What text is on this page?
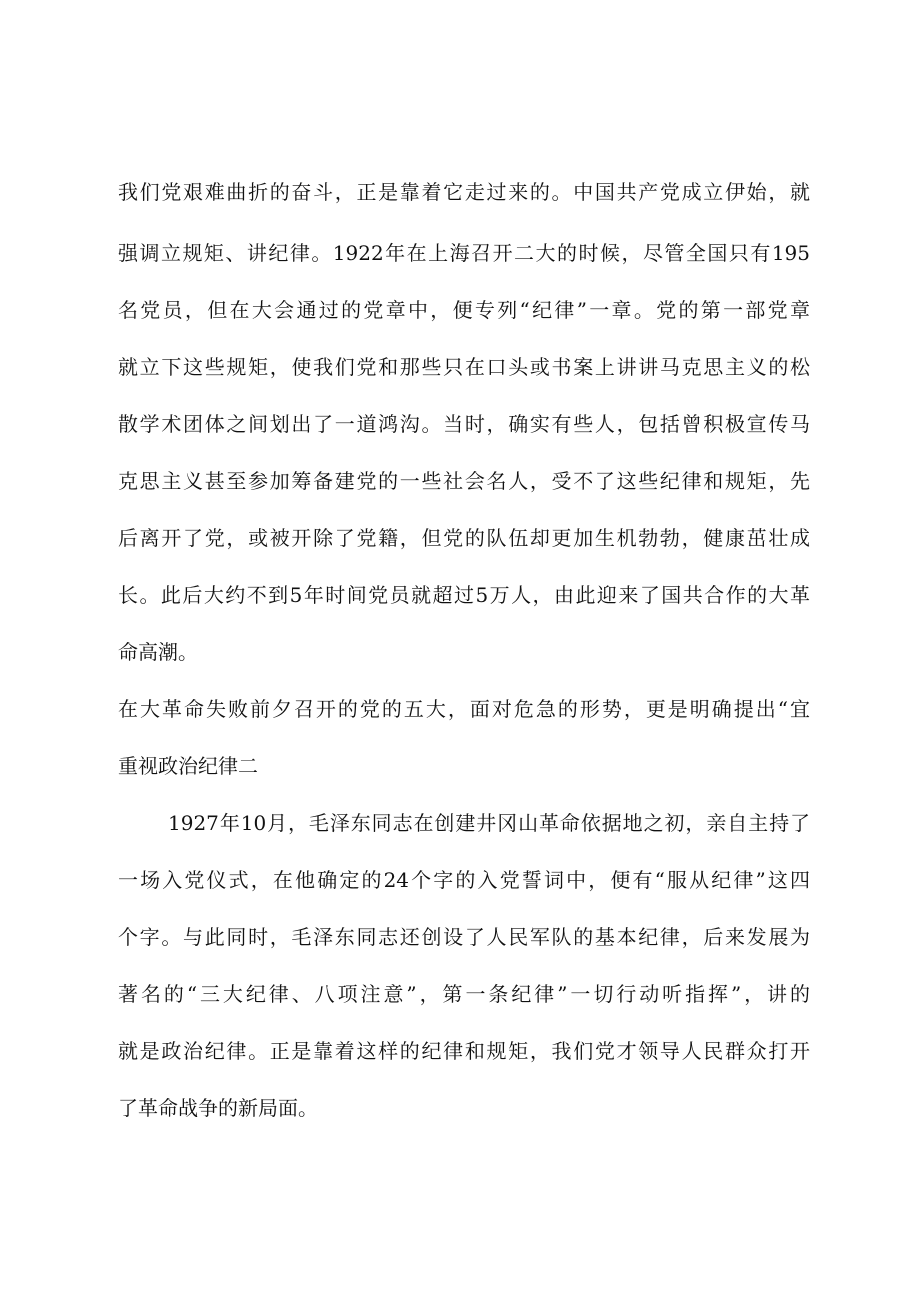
我们党艰难曲折的奋斗，正是靠着它走过来的。中国共产党成立伊始，就
强调立规矩、讲纪律。1922年在上海召开二大的时候，尽管全国只有195
名党员，但在大会通过的党章中，便专列“纪律”一章。党的第一部党章
就立下这些规矩，使我们党和那些只在口头或书案上讲讲马克思主义的松
散学术团体之间划出了一道鸿沟。当时，确实有些人，包括曾积极宣传马
克思主义甚至参加筹备建党的一些社会名人，受不了这些纪律和规矩，先
后离开了党，或被开除了党籍，但党的队伍却更加生机勃勃，健康茁壮成
长。此后大约不到5年时间党员就超过5万人，由此迎来了国共合作的大革
命高潮。
在大革命失败前夕召开的党的五大，面对危急的形势，更是明确提出“宜
重视政治纪律二
1927年10月，毛泽东同志在创建井冈山革命依据地之初，亲自主持了
一场入党仪式，在他确定的24个字的入党誓词中，便有“服从纪律”这四
个字。与此同时，毛泽东同志还创设了人民军队的基本纪律，后来发展为
著名的“三大纪律、八项注意”，第一条纪律”一切行动听指挥”，讲的
就是政治纪律。正是靠着这样的纪律和规矩，我们党才领导人民群众打开
了革命战争的新局面。
